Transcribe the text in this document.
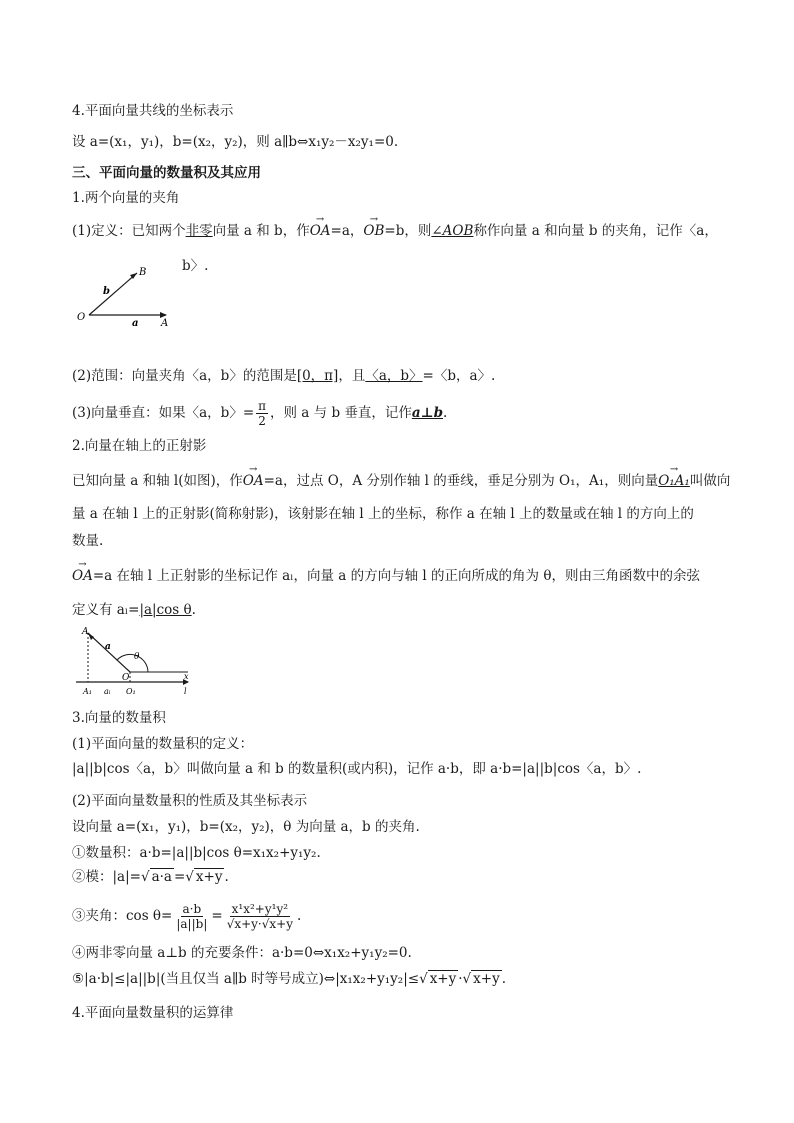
4.平面向量共线的坐标表示
设 a=(x₁，y₁)，b=(x₂，y₂)，则 a∥b⇔x₁y₂－x₂y₁=0.
三、平面向量的数量积及其应用
1.两个向量的夹角
(1)定义：已知两个非零向量 a 和 b，作→ OA=a，→ OB=b，则∠AOB称作向量 a 和向量 b 的夹角，记作〈a，
b〉.
B
b
O
a A
(2)范围：向量夹角〈a，b〉的范围是[0，π]，且〈a，b〉=〈b，a〉.
(3)向量垂直：如果〈a，b〉= $\frac{\pi}{2}$ ，则 a 与 b 垂直，记作a⊥b.
2.向量在轴上的正射影
已知向量 a 和轴 l(如图)，作→ OA=a，过点 O，A 分别作轴 l 的垂线，垂足分别为 O₁，A₁，则向量→ O₁A₁叫做向
量 a 在轴 l 上的正射影(简称射影)，该射影在轴 l 上的坐标，称作 a 在轴 l 上的数量或在轴 l 的方向上的
数量.
→ OA=a 在轴 l 上正射影的坐标记作 aₗ，向量 a 的方向与轴 l 的正向所成的角为 θ，则由三角函数中的余弦
定义有 aₗ=|a|cos θ.
A
a
θ
O
A₁ aₗ O₁
x
l
3.向量的数量积
(1)平面向量的数量积的定义：
|a||b|cos〈a，b〉叫做向量 a 和 b 的数量积(或内积)，记作 a·b，即 a·b=|a||b|cos〈a，b〉.
(2)平面向量数量积的性质及其坐标表示
设向量 a=(x₁，y₁)，b=(x₂，y₂)，θ 为向量 a，b 的夹角.
①数量积：a·b=|a||b|cos θ=x₁x₂+y₁y₂.
②模：|a|=√ a·a =√ x+y .
③夹角：$\cos \theta= \frac{a\cdot b}{|a||b|} = \frac{\text{x¹x²+y¹y²}}{√x+y\cdot√x+y}$ .
④两非零向量 a⊥b 的充要条件：a·b=0⇔x₁x₂+y₁y₂=0.
⑤|a·b|≤|a||b|(当且仅当 a∥b 时等号成立)⇔|x₁x₂+y₁y₂|≤√ x+y ·√ x+y .
4.平面向量数量积的运算律
